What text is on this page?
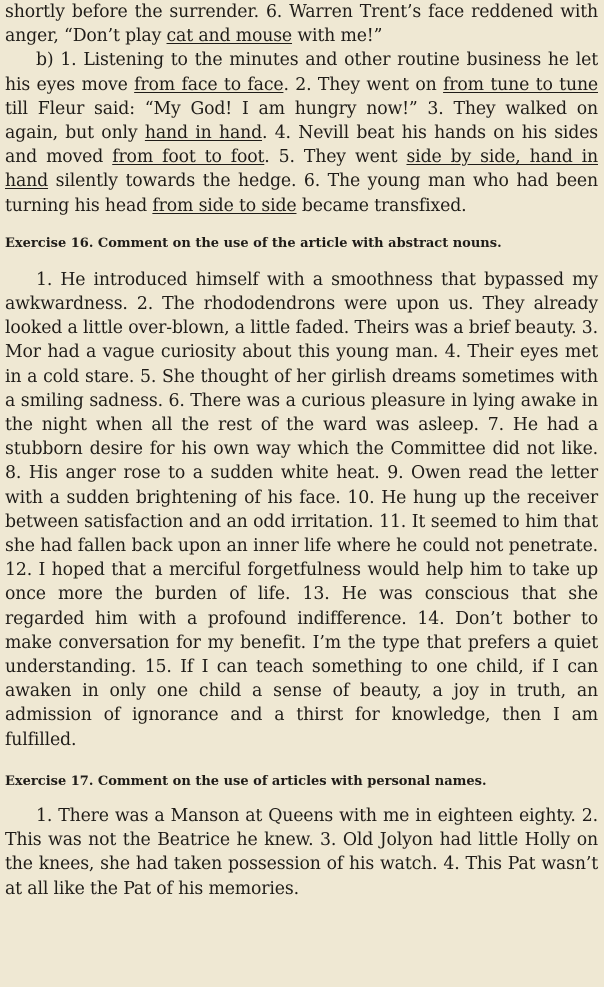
shortly before the surrender. 6. Warren Trent’s face reddened with anger, “Don’t play cat and mouse with me!”

b) 1. Listening to the minutes and other routine business he let his eyes move from face to face. 2. They went on from tune to tune till Fleur said: “My God! I am hungry now!” 3. They walked on again, but only hand in hand. 4. Nevill beat his hands on his sides and moved from foot to foot. 5. They went side by side, hand in hand silently towards the hedge. 6. The young man who had been turning his head from side to side became transfixed.

Exercise 16. Comment on the use of the article with abstract nouns.

1. He introduced himself with a smoothness that bypassed my awkwardness. 2. The rhododendrons were upon us. They already looked a little over-blown, a little faded. Theirs was a brief beauty. 3. Mor had a vague curiosity about this young man. 4. Their eyes met in a cold stare. 5. She thought of her girlish dreams sometimes with a smiling sadness. 6. There was a curious pleasure in lying awake in the night when all the rest of the ward was asleep. 7. He had a stubborn desire for his own way which the Committee did not like. 8. His anger rose to a sudden white heat. 9. Owen read the letter with a sudden brightening of his face. 10. He hung up the receiver between satisfaction and an odd irritation. 11. It seemed to him that she had fallen back upon an inner life where he could not penetrate. 12. I hoped that a merciful forgetfulness would help him to take up once more the burden of life. 13. He was conscious that she regarded him with a profound indifference. 14. Don’t bother to make conversation for my benefit. I’m the type that prefers a quiet understanding. 15. If I can teach something to one child, if I can awaken in only one child a sense of beauty, a joy in truth, an admission of ignorance and a thirst for knowledge, then I am fulfilled.

Exercise 17. Comment on the use of articles with personal names.

1. There was a Manson at Queens with me in eighteen eighty. 2. This was not the Beatrice he knew. 3. Old Jolyon had little Holly on the knees, she had taken possession of his watch. 4. This Pat wasn’t at all like the Pat of his memories.
